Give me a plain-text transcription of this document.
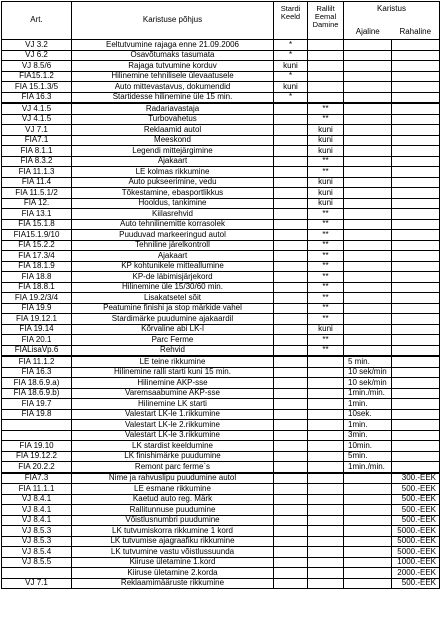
Art.	Karistuse põhjus	Stardi Keeld	Rallilt Eemal Damine	Karistus	
				Ajaline	Rahaline
VJ 3.2	Eeltutvumine rajaga enne 21.09.2006	*			
VJ 6.2	Osavõtumaks tasumata	*			
VJ 8.5/6	Rajaga tutvumine korduv	kuni			
FIA15.1.2	Hilinemine tehnilisele ülevaatusele	*			
FIA 15.1.3/5	Auto mittevastavus, dokumendid	kuni			
FIA 16.3	Startidesse hilinemine üle 15 min.	*			
VJ 4.1.5	Radariavastaja		**		
VJ 4.1.5	Turbovahetus		**		
VJ 7.1	Reklaamid autol		kuni		
FIA7.1	Meeskond		kuni		
FIA 8.1.1	Legendi mittejärgimine		kuni		
FIA 8.3.2	Ajakaart		**		
FIA 11.1.3	LE kolmas rikkumine		**		
FIA 11.4	Auto pukseerimine, vedu		kuni		
FIA 11.5.1/2	Tõkestamine, ebasportlikkus		kuni		
FIA 12.	Hooldus, tankimine		kuni		
FIA 13.1	Kiilasrehvid		**		
FIA 15.1.8	Auto tehnilinemitte korrasolek		**		
FIA15.1.9/10	Puuduvad markeeringud autol		**		
FIA 15.2.2	Tehniline järelkontroll		**		
FIA 17.3/4	Ajakaart		**		
FIA 18.1.9	KP kohtunikele mitteallumine		**		
FIA 18.8	KP-de läbimisjärjekord		**		
FIA 18.8.1	Hilinemine üle 15/30/60 min.		**		
FIA 19.2/3/4	Lisakatsetel sõit		**		
FIA 19.9	Peatumine finishi ja stop märkide vahel		**		
FIA 19.12.1	Stardimärke puudumine ajakaardil		**		
FIA 19.14	Kõrvaline abi LK-l		kuni		
FIA 20.1	Parc Ferme		**		
FIALisaVp.6	Rehvid		**		
FIA 11.1.2	LE teine rikkumine			5 min.	
FIA 16.3	Hilinemine ralli starti kuni 15 min.			10 sek/min	
FIA 18.6.9.a)	Hilinemine AKP-sse			10 sek/min	
FIA 18.6.9.b)	Varemsaabumine AKP-sse			1min./min.	
FIA 19.7	Hilinemine LK starti			1min.	
FIA 19.8	Valestart LK-le 1.rikkumine			10sek.	
	Valestart LK-le 2.rikkumine			1min.	
	Valestart LK-le 3.rikkumine			3min.	
FIA 19.10	LK stardist keeldumine			10min.	
FIA 19.12.2	LK finishimärke puudumine			5min.	
FIA 20.2.2	Remont parc ferme`s			1min./min.	
FIA7.3	Nime ja rahvuslipu puudumine autol				300.-EEK
FIA 11.1.1	LE esmane rikkumine				500.-EEK
VJ 8.4.1	Kaetud auto reg. Märk				500.-EEK
VJ 8.4.1	Rallitunnuse puudumine				500.-EEK
VJ 8.4.1	Võistlusnumbri puudumine				500.-EEK
VJ 8.5.3	LK tutvumiskorra rikkumine 1 kord				5000.-EEK
VJ 8.5.3	LK tutvumise ajagraafiku rikkumine				5000.-EEK
VJ 8.5.4	LK tutvumine vastu võistlussuunda				5000.-EEK
VJ 8.5.5	Kiiruse ületamine 1.kord				1000.-EEK
	Kiiruse ületamine 2.korda				2000.-EEK
VJ 7.1	Reklaamimääruste rikkumine				500.-EEK
